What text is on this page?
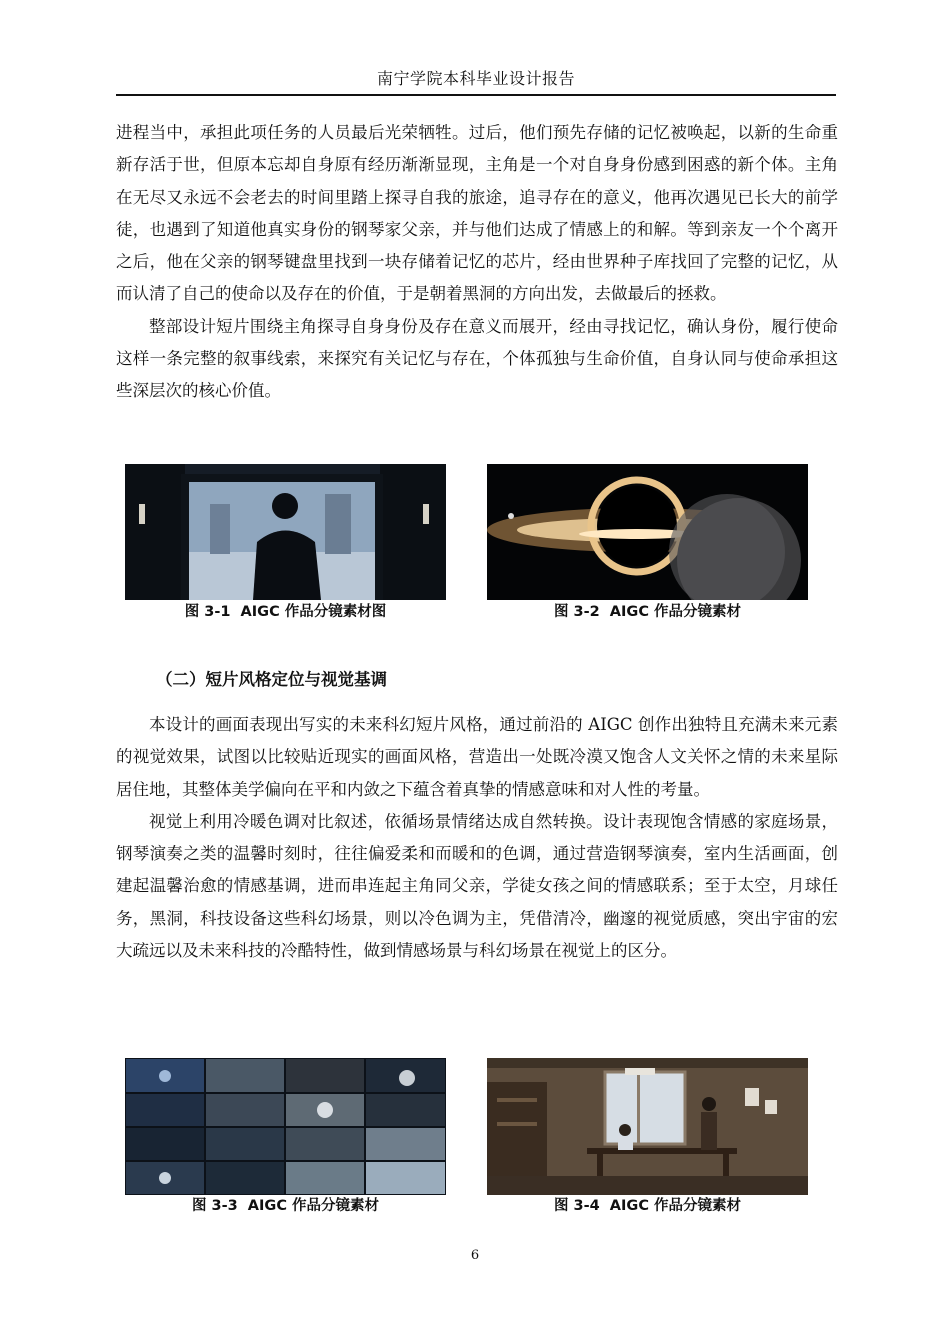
南宁学院本科毕业设计报告

进程当中，承担此项任务的人员最后光荣牺牲。过后，他们预先存储的记忆被唤起，以新的生命重新存活于世，但原本忘却自身原有经历渐渐显现，主角是一个对自身身份感到困惑的新个体。主角在无尽又永远不会老去的时间里踏上探寻自我的旅途，追寻存在的意义，他再次遇见已长大的前学徒，也遇到了知道他真实身份的钢琴家父亲，并与他们达成了情感上的和解。等到亲友一个个离开之后，他在父亲的钢琴键盘里找到一块存储着记忆的芯片，经由世界种子库找回了完整的记忆，从而认清了自己的使命以及存在的价值，于是朝着黑洞的方向出发，去做最后的拯救。

整部设计短片围绕主角探寻自身身份及存在意义而展开，经由寻找记忆，确认身份，履行使命这样一条完整的叙事线索，来探究有关记忆与存在，个体孤独与生命价值，自身认同与使命承担这些深层次的核心价值。

图 3-1  AIGC 作品分镜素材图	图 3-2  AIGC 作品分镜素材
（二）短片风格定位与视觉基调

本设计的画面表现出写实的未来科幻短片风格，通过前沿的 AIGC 创作出独特且充满未来元素的视觉效果，试图以比较贴近现实的画面风格，营造出一处既冷漠又饱含人文关怀之情的未来星际居住地，其整体美学偏向在平和内敛之下蕴含着真挚的情感意味和对人性的考量。

视觉上利用冷暖色调对比叙述，依循场景情绪达成自然转换。设计表现饱含情感的家庭场景，钢琴演奏之类的温馨时刻时，往往偏爱柔和而暖和的色调，通过营造钢琴演奏，室内生活画面，创建起温馨治愈的情感基调，进而串连起主角同父亲，学徒女孩之间的情感联系；至于太空，月球任务，黑洞，科技设备这些科幻场景，则以冷色调为主，凭借清冷，幽邃的视觉质感，突出宇宙的宏大疏远以及未来科技的冷酷特性，做到情感场景与科幻场景在视觉上的区分。

图 3-3  AIGC 作品分镜素材	图 3-4  AIGC 作品分镜素材
6
